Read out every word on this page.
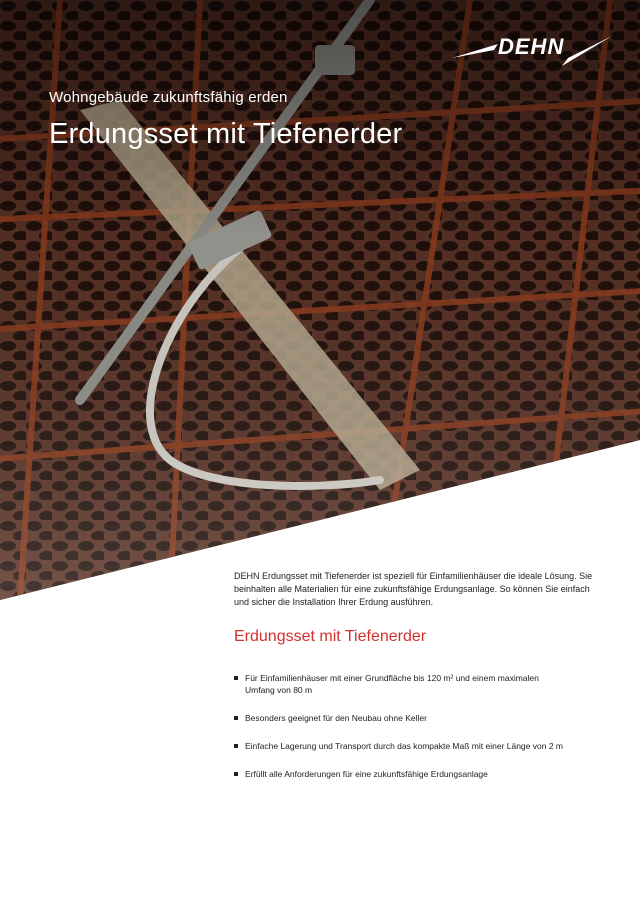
DEHN
Wohngebäude zukunftsfähig erden
Erdungsset mit Tiefenerder
DEHN Erdungsset mit Tiefenerder ist speziell für Einfamilienhäuser die ideale Lösung. Sie beinhalten alle Materialien für eine zukunftsfähige Erdungsanlage. So können Sie einfach und sicher die Installation Ihrer Erdung ausführen.
Erdungsset mit Tiefenerder
Für Einfamilienhäuser mit einer Grundfläche bis 120 m² und einem maximalen Umfang von 80 m
Besonders geeignet für den Neubau ohne Keller
Einfache Lagerung und Transport durch das kompakte Maß mit einer Länge von 2 m
Erfüllt alle Anforderungen für eine zukunftsfähige Erdungsanlage
